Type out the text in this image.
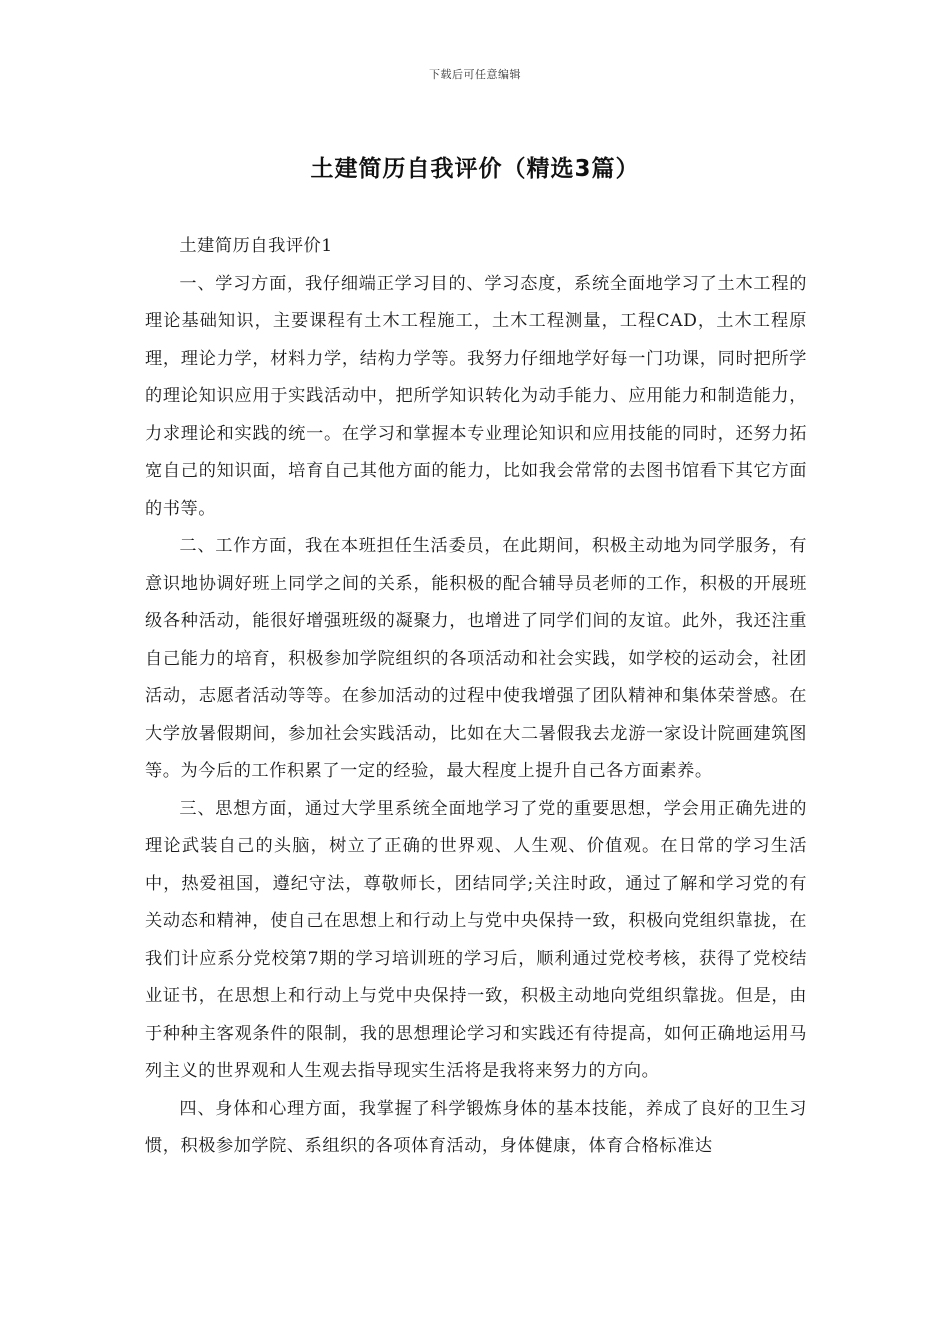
下载后可任意编辑
土建简历自我评价（精选3篇）

土建简历自我评价1

一、学习方面，我仔细端正学习目的、学习态度，系统全面地学习了土木工程的理论基础知识，主要课程有土木工程施工，土木工程测量，工程CAD，土木工程原理，理论力学，材料力学，结构力学等。我努力仔细地学好每一门功课，同时把所学的理论知识应用于实践活动中，把所学知识转化为动手能力、应用能力和制造能力，力求理论和实践的统一。在学习和掌握本专业理论知识和应用技能的同时，还努力拓宽自己的知识面，培育自己其他方面的能力，比如我会常常的去图书馆看下其它方面的书等。

二、工作方面，我在本班担任生活委员，在此期间，积极主动地为同学服务，有意识地协调好班上同学之间的关系，能积极的配合辅导员老师的工作，积极的开展班级各种活动，能很好增强班级的凝聚力，也增进了同学们间的友谊。此外，我还注重自己能力的培育，积极参加学院组织的各项活动和社会实践，如学校的运动会，社团活动，志愿者活动等等。在参加活动的过程中使我增强了团队精神和集体荣誉感。在大学放暑假期间，参加社会实践活动，比如在大二暑假我去龙游一家设计院画建筑图等。为今后的工作积累了一定的经验，最大程度上提升自己各方面素养。

三、思想方面，通过大学里系统全面地学习了党的重要思想，学会用正确先进的理论武装自己的头脑，树立了正确的世界观、人生观、价值观。在日常的学习生活中，热爱祖国，遵纪守法，尊敬师长，团结同学;关注时政，通过了解和学习党的有关动态和精神，使自己在思想上和行动上与党中央保持一致，积极向党组织靠拢，在我们计应系分党校第7期的学习培训班的学习后，顺利通过党校考核，获得了党校结业证书，在思想上和行动上与党中央保持一致，积极主动地向党组织靠拢。但是，由于种种主客观条件的限制，我的思想理论学习和实践还有待提高，如何正确地运用马列主义的世界观和人生观去指导现实生活将是我将来努力的方向。

四、身体和心理方面，我掌握了科学锻炼身体的基本技能，养成了良好的卫生习惯，积极参加学院、系组织的各项体育活动，身体健康，体育合格标准达
